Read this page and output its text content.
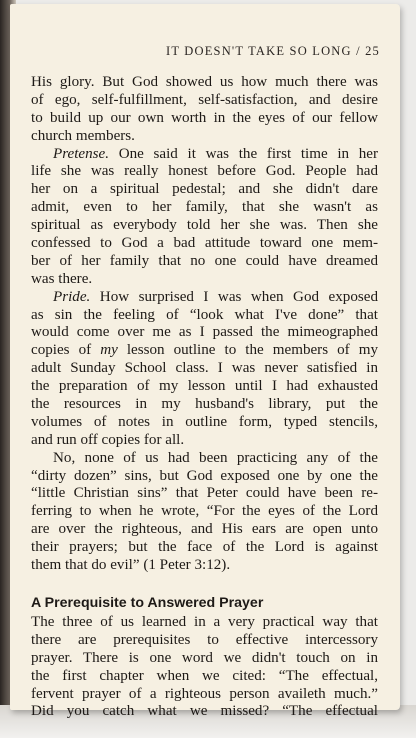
IT DOESN'T TAKE SO LONG / 25
His glory. But God showed us how much there was
of ego, self-fulfillment, self-satisfaction, and desire
to build up our own worth in the eyes of our fellow
church members.
Pretense. One said it was the first time in her
life she was really honest before God. People had
her on a spiritual pedestal; and she didn't dare
admit, even to her family, that she wasn't as
spiritual as everybody told her she was. Then she
confessed to God a bad attitude toward one mem-
ber of her family that no one could have dreamed
was there.
Pride. How surprised I was when God exposed
as sin the feeling of “look what I've done” that
would come over me as I passed the mimeographed
copies of my lesson outline to the members of my
adult Sunday School class. I was never satisfied in
the preparation of my lesson until I had exhausted
the resources in my husband's library, put the
volumes of notes in outline form, typed stencils,
and run off copies for all.
No, none of us had been practicing any of the
“dirty dozen” sins, but God exposed one by one the
“little Christian sins” that Peter could have been re-
ferring to when he wrote, “For the eyes of the Lord
are over the righteous, and His ears are open unto
their prayers; but the face of the Lord is against
them that do evil” (1 Peter 3:12).
A Prerequisite to Answered Prayer
The three of us learned in a very practical way that
there are prerequisites to effective intercessory
prayer. There is one word we didn't touch on in
the first chapter when we cited: “The effectual,
fervent prayer of a righteous person availeth much.”
Did you catch what we missed? “The effectual
